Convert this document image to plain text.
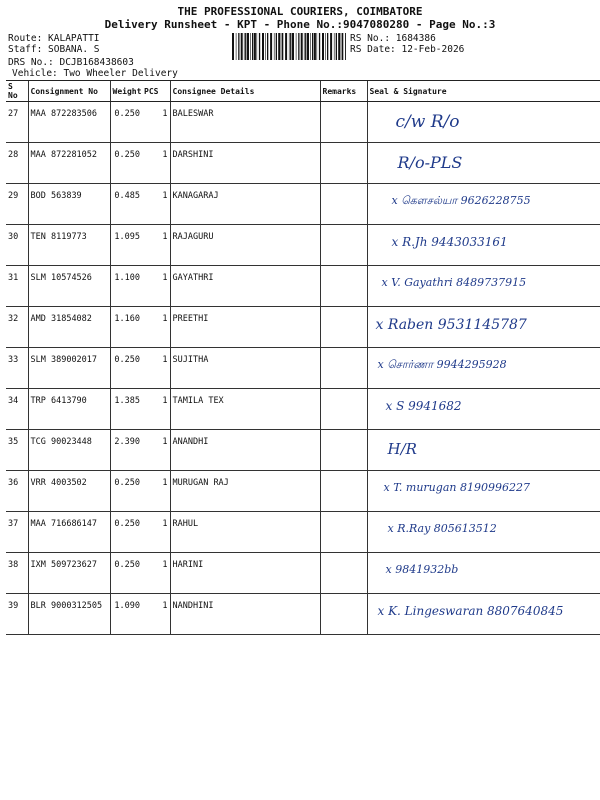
THE PROFESSIONAL COURIERS, COIMBATORE
Delivery Runsheet - KPT - Phone No.:9047080280 - Page No.:3
Route: KALAPATTI
Staff: SOBANA. S
DRS No.: DCJB168438603
Vehicle: Two Wheeler Delivery
RS No.: 1684386
RS Date: 12-Feb-2026
S No	Consignment No	Weight	PCS	Consignee Details	Remarks	Seal & Signature
27	MAA 872283506	0.250	1	BALESWAR		c/w R/o

28	MAA 872281052	0.250	1	DARSHINI		R/o-PLS

29	BOD 563839	0.485	1	KANAGARAJ		x கௌசல்யா 9626228755

30	TEN 8119773	1.095	1	RAJAGURU		x R.Jh 9443033161

31	SLM 10574526	1.100	1	GAYATHRI		x V. Gayathri 8489737915

32	AMD 31854082	1.160	1	PREETHI		x Raben 9531145787

33	SLM 389002017	0.250	1	SUJITHA		x சொர்ணா 9944295928

34	TRP 6413790	1.385	1	TAMILA TEX		x S 9941682

35	TCG 90023448	2.390	1	ANANDHI		H/R

36	VRR 4003502	0.250	1	MURUGAN RAJ		x T. murugan 8190996227

37	MAA 716686147	0.250	1	RAHUL		x R.Ray 805613512

38	IXM 509723627	0.250	1	HARINI		x 9841932bb

39	BLR 9000312505	1.090	1	NANDHINI		x K. Lingeswaran 8807640845
